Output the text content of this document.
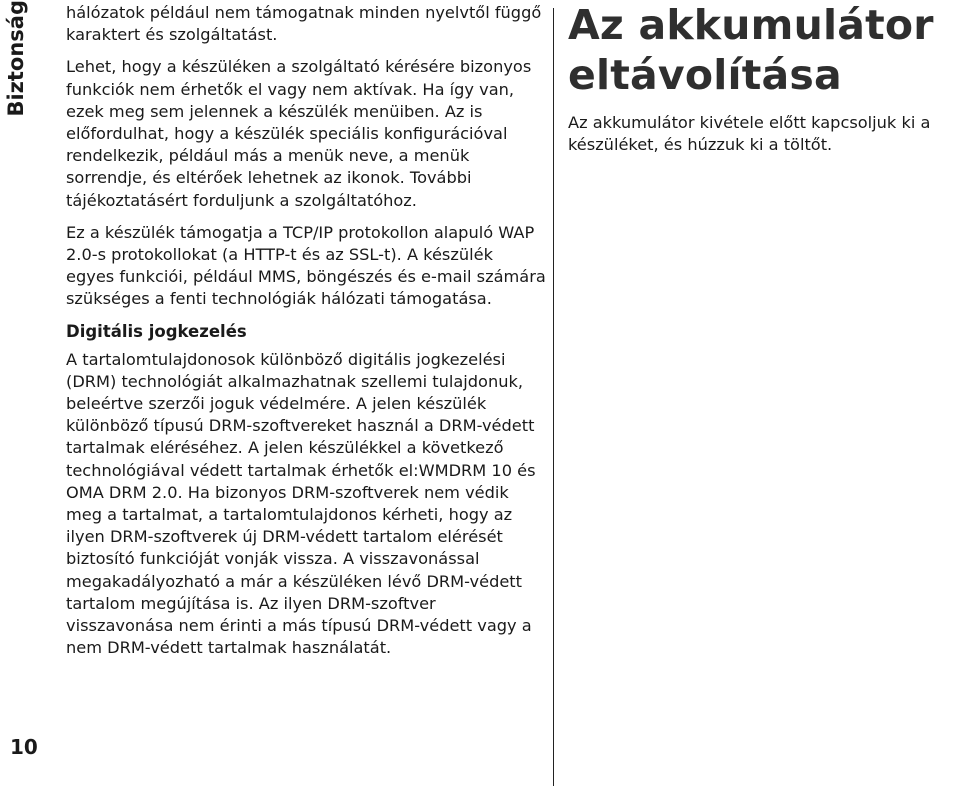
Biztonság
10

hálózatok például nem támogatnak minden nyelvtől függő karaktert és szolgáltatást.

Lehet, hogy a készüléken a szolgáltató kérésére bizonyos funkciók nem érhetők el vagy nem aktívak. Ha így van, ezek meg sem jelennek a készülék menüiben. Az is előfordulhat, hogy a készülék speciális konfigurációval rendelkezik, például más a menük neve, a menük sorrendje, és eltérőek lehetnek az ikonok. További tájékoztatásért forduljunk a szolgáltatóhoz.

Ez a készülék támogatja a TCP/IP protokollon alapuló WAP 2.0-s protokollokat (a HTTP-t és az SSL-t). A készülék egyes funkciói, például MMS, böngészés és e-mail számára szükséges a fenti technológiák hálózati támogatása.

Digitális jogkezelés

A tartalomtulajdonosok különböző digitális jogkezelési (DRM) technológiát alkalmazhatnak szellemi tulajdonuk, beleértve szerzői joguk védelmére. A jelen készülék különböző típusú DRM-szoftvereket használ a DRM-védett tartalmak eléréséhez. A jelen készülékkel a következő technológiával védett tartalmak érhetők el:WMDRM 10 és OMA DRM 2.0. Ha bizonyos DRM-szoftverek nem védik meg a tartalmat, a tartalomtulajdonos kérheti, hogy az ilyen DRM-szoftverek új DRM-védett tartalom elérését biztosító funkcióját vonják vissza. A visszavonással megakadályozható a már a készüléken lévő DRM-védett tartalom megújítása is. Az ilyen DRM-szoftver visszavonása nem érinti a más típusú DRM-védett vagy a nem DRM-védett tartalmak használatát.

Az akkumulátor eltávolítása

Az akkumulátor kivétele előtt kapcsoljuk ki a készüléket, és húzzuk ki a töltőt.
